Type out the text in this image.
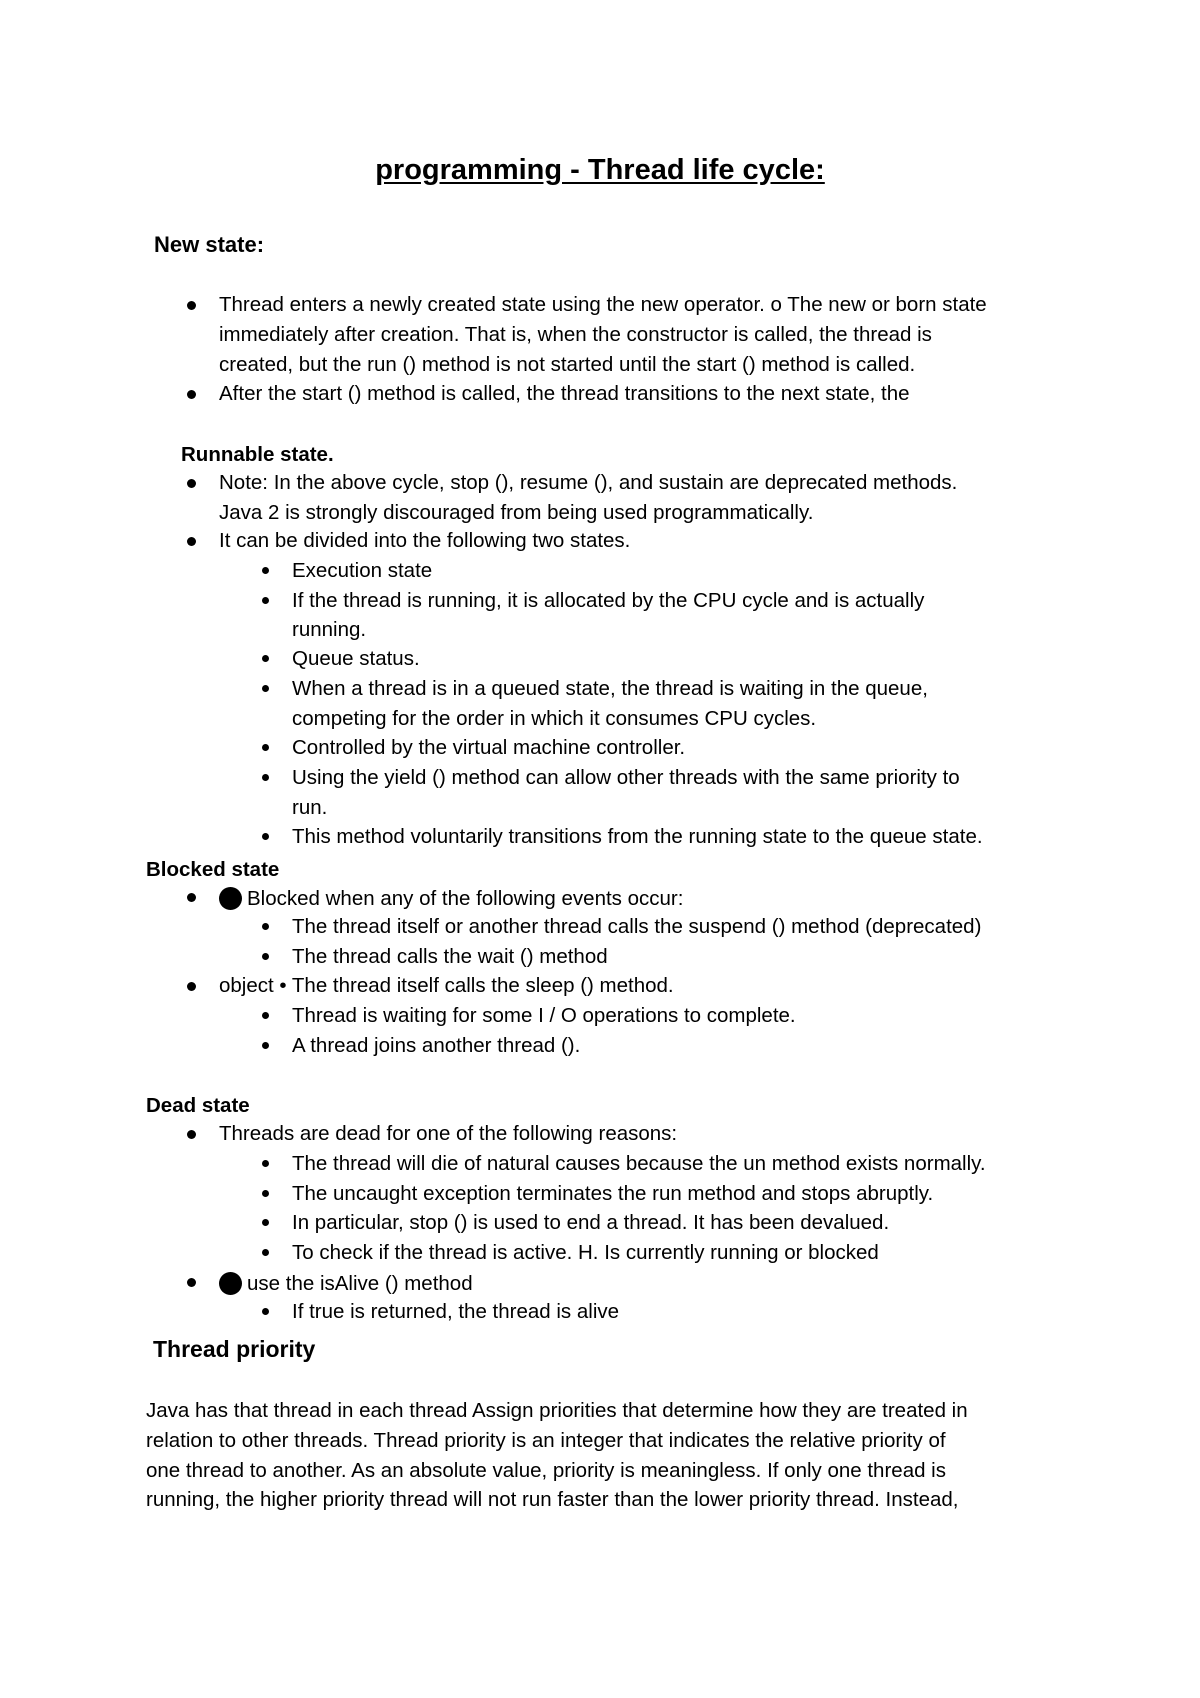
programming - Thread life cycle:
New state:
Thread enters a newly created state using the new operator. o The new or born state
immediately after creation. That is, when the constructor is called, the thread is
created, but the run () method is not started until the start () method is called.
After the start () method is called, the thread transitions to the next state, the
Runnable state.
Note: In the above cycle, stop (), resume (), and sustain are deprecated methods.
Java 2 is strongly discouraged from being used programmatically.
It can be divided into the following two states.
Execution state
If the thread is running, it is allocated by the CPU cycle and is actually
running.
Queue status.
When a thread is in a queued state, the thread is waiting in the queue,
competing for the order in which it consumes CPU cycles.
Controlled by the virtual machine controller.
Using the yield () method can allow other threads with the same priority to
run.
This method voluntarily transitions from the running state to the queue state.
Blocked state
Blocked when any of the following events occur:
The thread itself or another thread calls the suspend () method (deprecated)
The thread calls the wait () method
object • The thread itself calls the sleep () method.
Thread is waiting for some I / O operations to complete.
A thread joins another thread ().
Dead state
Threads are dead for one of the following reasons:
The thread will die of natural causes because the un method exists normally.
The uncaught exception terminates the run method and stops abruptly.
In particular, stop () is used to end a thread. It has been devalued.
To check if the thread is active. H. Is currently running or blocked
use the isAlive () method
If true is returned, the thread is alive
Thread priority
Java has that thread in each thread Assign priorities that determine how they are treated in
relation to other threads. Thread priority is an integer that indicates the relative priority of
one thread to another. As an absolute value, priority is meaningless. If only one thread is
running, the higher priority thread will not run faster than the lower priority thread. Instead,
